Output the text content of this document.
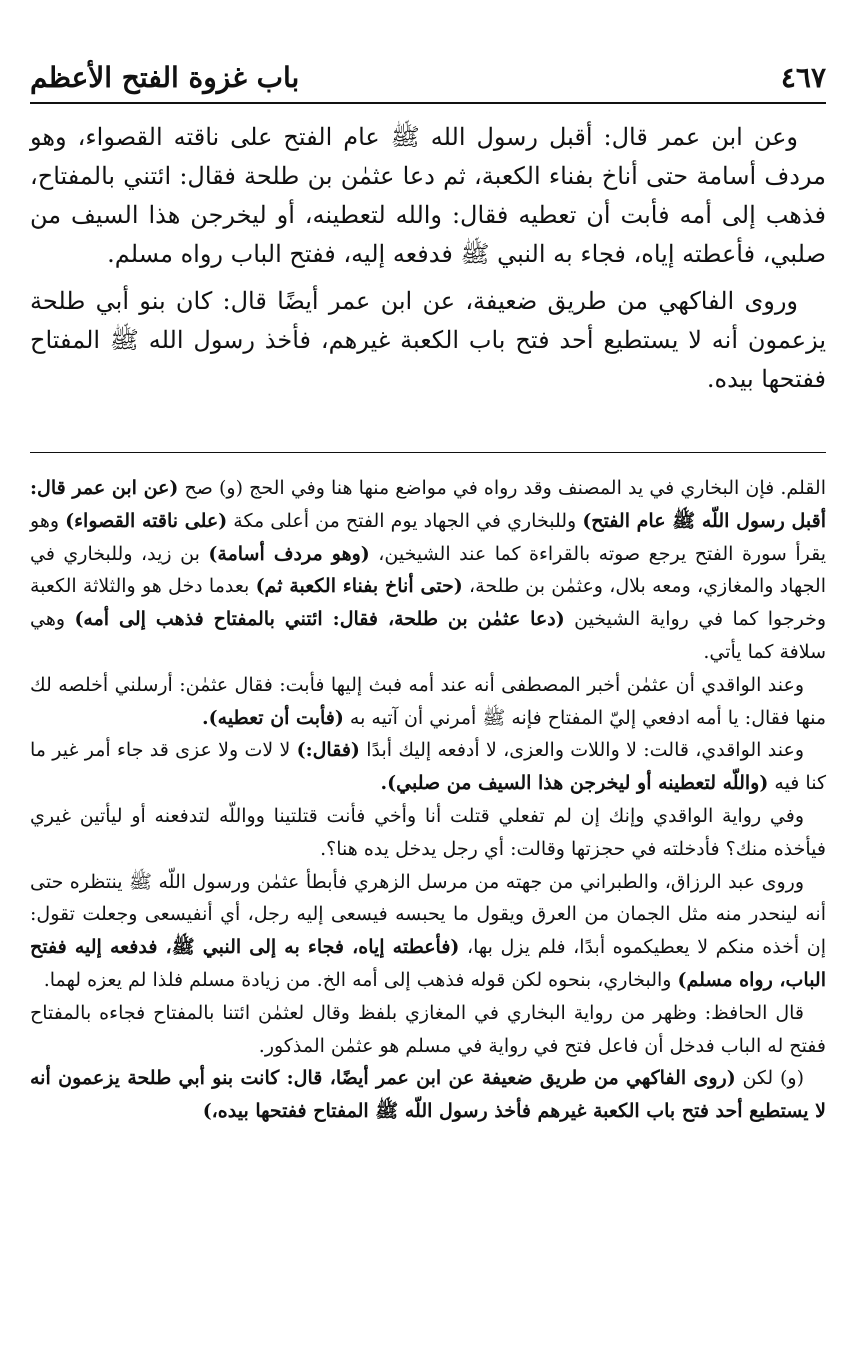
باب غزوة الفتح الأعظم	٤٦٧

وعن ابن عمر قال: أقبل رسول الله ﷺ عام الفتح على ناقته القصواء، وهو مردف أسامة حتى أناخ بفناء الكعبة، ثم دعا عثمٰن بن طلحة فقال: ائتني بالمفتاح، فذهب إلى أمه فأبت أن تعطيه فقال: والله لتعطينه، أو ليخرجن هذا السيف من صلبي، فأعطته إياه، فجاء به النبي ﷺ فدفعه إليه، ففتح الباب رواه مسلم.

وروى الفاكهي من طريق ضعيفة، عن ابن عمر أيضًا قال: كان بنو أبي طلحة يزعمون أنه لا يستطيع أحد فتح باب الكعبة غيرهم، فأخذ رسول الله ﷺ المفتاح ففتحها بيده.

القلم. فإن البخاري في يد المصنف وقد رواه في مواضع منها هنا وفي الحج (و) صح (عن ابن عمر قال: أقبل رسول اللّه ﷺ عام الفتح) وللبخاري في الجهاد يوم الفتح من أعلى مكة (على ناقته القصواء) وهو يقرأ سورة الفتح يرجع صوته بالقراءة كما عند الشيخين، (وهو مردف أسامة) بن زيد، وللبخاري في الجهاد والمغازي، ومعه بلال، وعثمٰن بن طلحة، (حتى أناخ بفناء الكعبة ثم) بعدما دخل هو والثلاثة الكعبة وخرجوا كما في رواية الشيخين (دعا عثمٰن بن طلحة، فقال: ائتني بالمفتاح فذهب إلى أمه) وهي سلافة كما يأتي.

وعند الواقدي أن عثمٰن أخبر المصطفى أنه عند أمه فبث إليها فأبت: فقال عثمٰن: أرسلني أخلصه لك منها فقال: يا أمه ادفعي إليّ المفتاح فإنه ﷺ أمرني أن آتيه به (فأبت أن تعطيه).

وعند الواقدي، قالت: لا واللات والعزى، لا أدفعه إليك أبدًا (فقال:) لا لات ولا عزى قد جاء أمر غير ما كنا فيه (واللّه لتعطينه أو ليخرجن هذا السيف من صلبي).

وفي رواية الواقدي وإنك إن لم تفعلي قتلت أنا وأخي فأنت قتلتينا وواللّه لتدفعنه أو ليأتين غيري فيأخذه منك؟ فأدخلته في حجزتها وقالت: أي رجل يدخل يده هنا؟.

وروى عبد الرزاق، والطبراني من جهته من مرسل الزهري فأبطأ عثمٰن ورسول اللّه ﷺ ينتظره حتى أنه لينحدر منه مثل الجمان من العرق ويقول ما يحبسه فيسعى إليه رجل، أي أنفيسعى وجعلت تقول: إن أخذه منكم لا يعطيكموه أبدًا، فلم يزل بها، (فأعطته إياه، فجاء به إلى النبي ﷺ، فدفعه إليه ففتح الباب، رواه مسلم) والبخاري، بنحوه لكن قوله فذهب إلى أمه الخ. من زيادة مسلم فلذا لم يعزه لهما.

قال الحافظ: وظهر من رواية البخاري في المغازي بلفظ وقال لعثمٰن ائتنا بالمفتاح فجاءه بالمفتاح ففتح له الباب فدخل أن فاعل فتح في رواية في مسلم هو عثمٰن المذكور.

(و) لكن (روى الفاكهي من طريق ضعيفة عن ابن عمر أيضًا، قال: كانت بنو أبي طلحة يزعمون أنه لا يستطيع أحد فتح باب الكعبة غيرهم فأخذ رسول اللّه ﷺ المفتاح ففتحها بيده،)
